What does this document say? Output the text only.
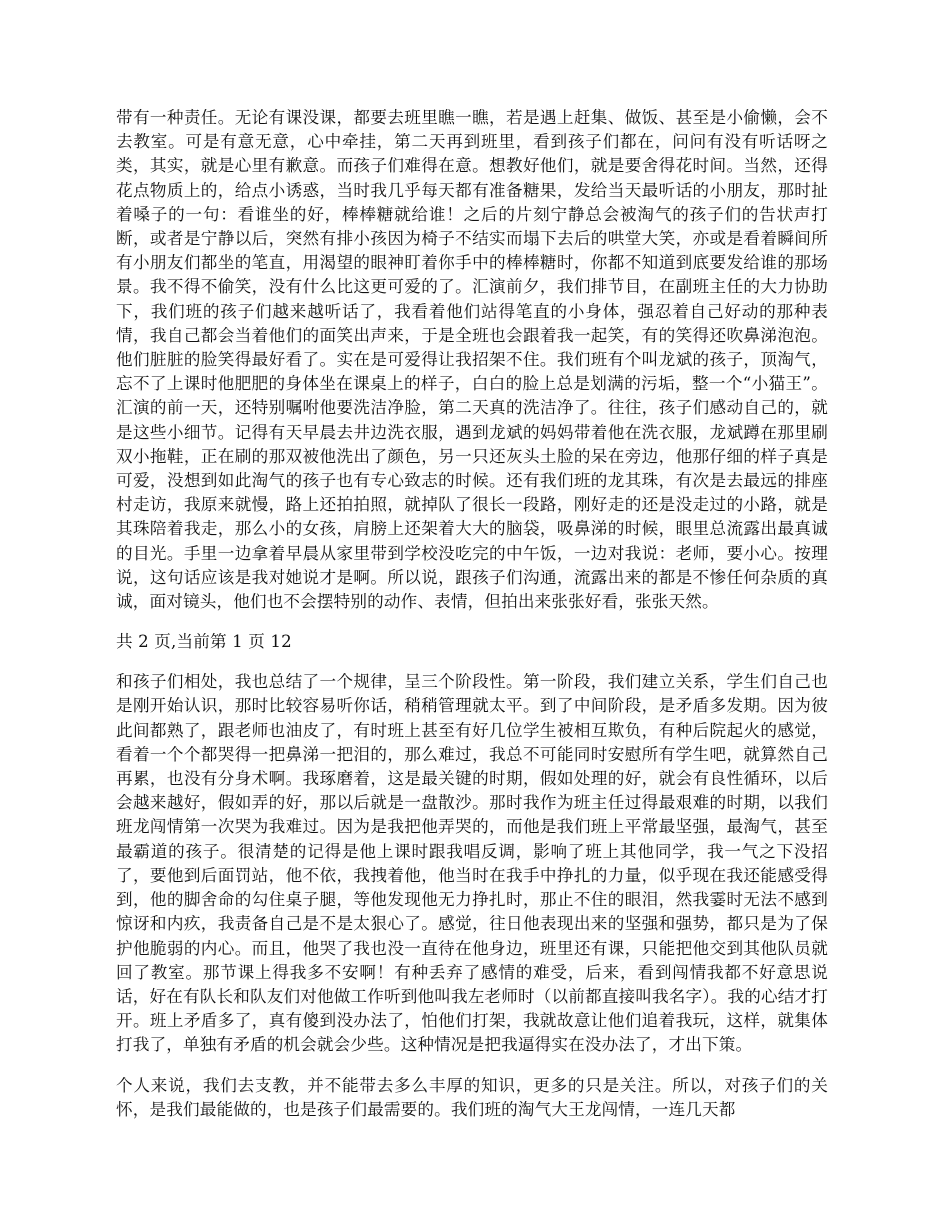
带有一种责任。无论有课没课，都要去班里瞧一瞧，若是遇上赶集、做饭、甚至是小偷懒，会不去教室。可是有意无意，心中牵挂，第二天再到班里，看到孩子们都在，问问有没有听话呀之类，其实，就是心里有歉意。而孩子们难得在意。想教好他们，就是要舍得花时间。当然，还得花点物质上的，给点小诱惑，当时我几乎每天都有准备糖果，发给当天最听话的小朋友，那时扯着嗓子的一句：看谁坐的好，棒棒糖就给谁！之后的片刻宁静总会被淘气的孩子们的告状声打断，或者是宁静以后，突然有排小孩因为椅子不结实而塌下去后的哄堂大笑，亦或是看着瞬间所有小朋友们都坐的笔直，用渴望的眼神盯着你手中的棒棒糖时，你都不知道到底要发给谁的那场景。我不得不偷笑，没有什么比这更可爱的了。汇演前夕，我们排节目，在副班主任的大力协助下，我们班的孩子们越来越听话了，我看着他们站得笔直的小身体，强忍着自己好动的那种表情，我自己都会当着他们的面笑出声来，于是全班也会跟着我一起笑，有的笑得还吹鼻涕泡泡。他们脏脏的脸笑得最好看了。实在是可爱得让我招架不住。我们班有个叫龙斌的孩子，顶淘气，忘不了上课时他肥肥的身体坐在课桌上的样子，白白的脸上总是划满的污垢，整一个“小猫王”。汇演的前一天，还特别嘱咐他要洗洁净脸，第二天真的洗洁净了。往往，孩子们感动自己的，就是这些小细节。记得有天早晨去井边洗衣服，遇到龙斌的妈妈带着他在洗衣服，龙斌蹲在那里刷双小拖鞋，正在刷的那双被他洗出了颜色，另一只还灰头土脸的呆在旁边，他那仔细的样子真是可爱，没想到如此淘气的孩子也有专心致志的时候。还有我们班的龙其珠，有次是去最远的排座村走访，我原来就慢，路上还拍拍照，就掉队了很长一段路，刚好走的还是没走过的小路，就是其珠陪着我走，那么小的女孩，肩膀上还架着大大的脑袋，吸鼻涕的时候，眼里总流露出最真诚的目光。手里一边拿着早晨从家里带到学校没吃完的中午饭，一边对我说：老师，要小心。按理说，这句话应该是我对她说才是啊。所以说，跟孩子们沟通，流露出来的都是不惨任何杂质的真诚，面对镜头，他们也不会摆特别的动作、表情，但拍出来张张好看，张张天然。

共 2 页,当前第 1 页 12

和孩子们相处，我也总结了一个规律，呈三个阶段性。第一阶段，我们建立关系，学生们自己也是刚开始认识，那时比较容易听你话，稍稍管理就太平。到了中间阶段，是矛盾多发期。因为彼此间都熟了，跟老师也油皮了，有时班上甚至有好几位学生被相互欺负，有种后院起火的感觉，看着一个个都哭得一把鼻涕一把泪的，那么难过，我总不可能同时安慰所有学生吧，就算然自己再累，也没有分身术啊。我琢磨着，这是最关键的时期，假如处理的好，就会有良性循环，以后会越来越好，假如弄的好，那以后就是一盘散沙。那时我作为班主任过得最艰难的时期，以我们班龙闯情第一次哭为我难过。因为是我把他弄哭的，而他是我们班上平常最坚强，最淘气，甚至最霸道的孩子。很清楚的记得是他上课时跟我唱反调，影响了班上其他同学，我一气之下没招了，要他到后面罚站，他不依，我拽着他，他当时在我手中挣扎的力量，似乎现在我还能感受得到，他的脚舍命的勾住桌子腿，等他发现他无力挣扎时，那止不住的眼泪，然我霎时无法不感到惊讶和内疚，我责备自己是不是太狠心了。感觉，往日他表现出来的坚强和强势，都只是为了保护他脆弱的内心。而且，他哭了我也没一直待在他身边，班里还有课，只能把他交到其他队员就回了教室。那节课上得我多不安啊！有种丢弃了感情的难受，后来，看到闯情我都不好意思说话，好在有队长和队友们对他做工作听到他叫我左老师时（以前都直接叫我名字）。我的心结才打开。班上矛盾多了，真有傻到没办法了，怕他们打架，我就故意让他们追着我玩，这样，就集体打我了，单独有矛盾的机会就会少些。这种情况是把我逼得实在没办法了，才出下策。

个人来说，我们去支教，并不能带去多么丰厚的知识，更多的只是关注。所以，对孩子们的关怀，是我们最能做的，也是孩子们最需要的。我们班的淘气大王龙闯情，一连几天都
